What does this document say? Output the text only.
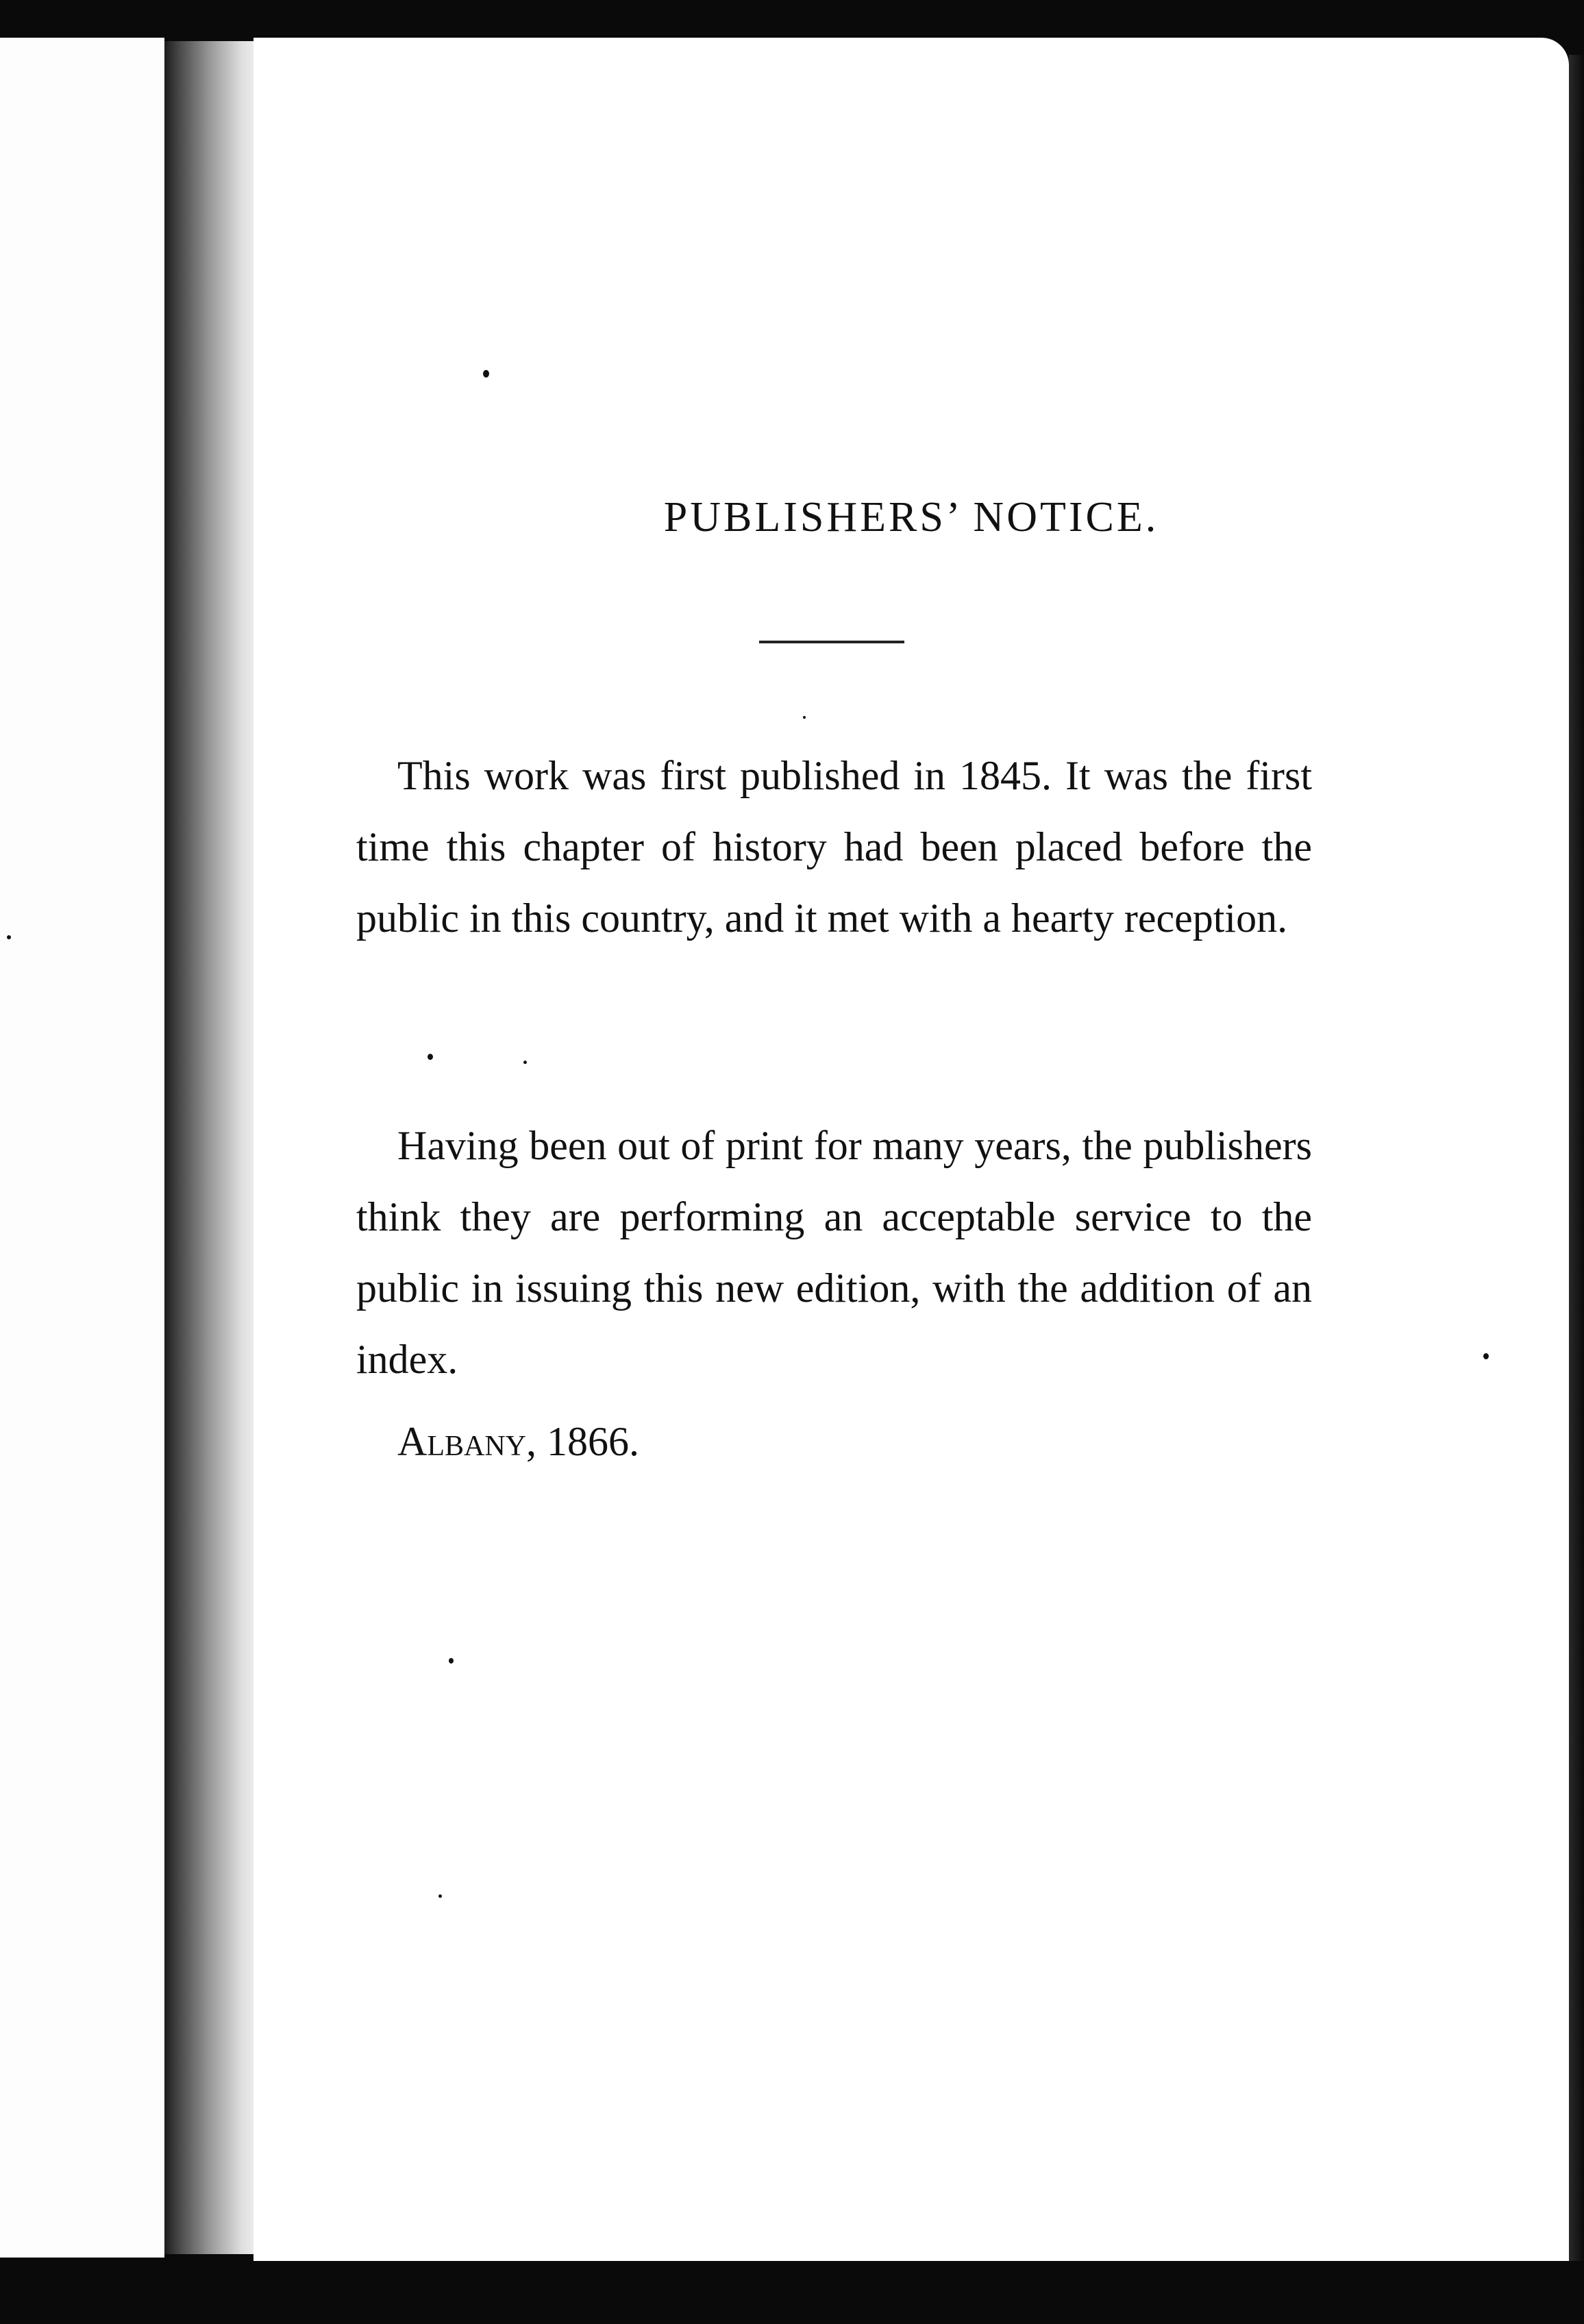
PUBLISHERS’ NOTICE.
This work was first published in 1845. It was the first time this chapter of history had been placed before the public in this country, and it met with a hearty reception.
Having been out of print for many years, the publishers think they are performing an acceptable service to the public in issuing this new edition, with the addition of an index.
Albany, 1866.
